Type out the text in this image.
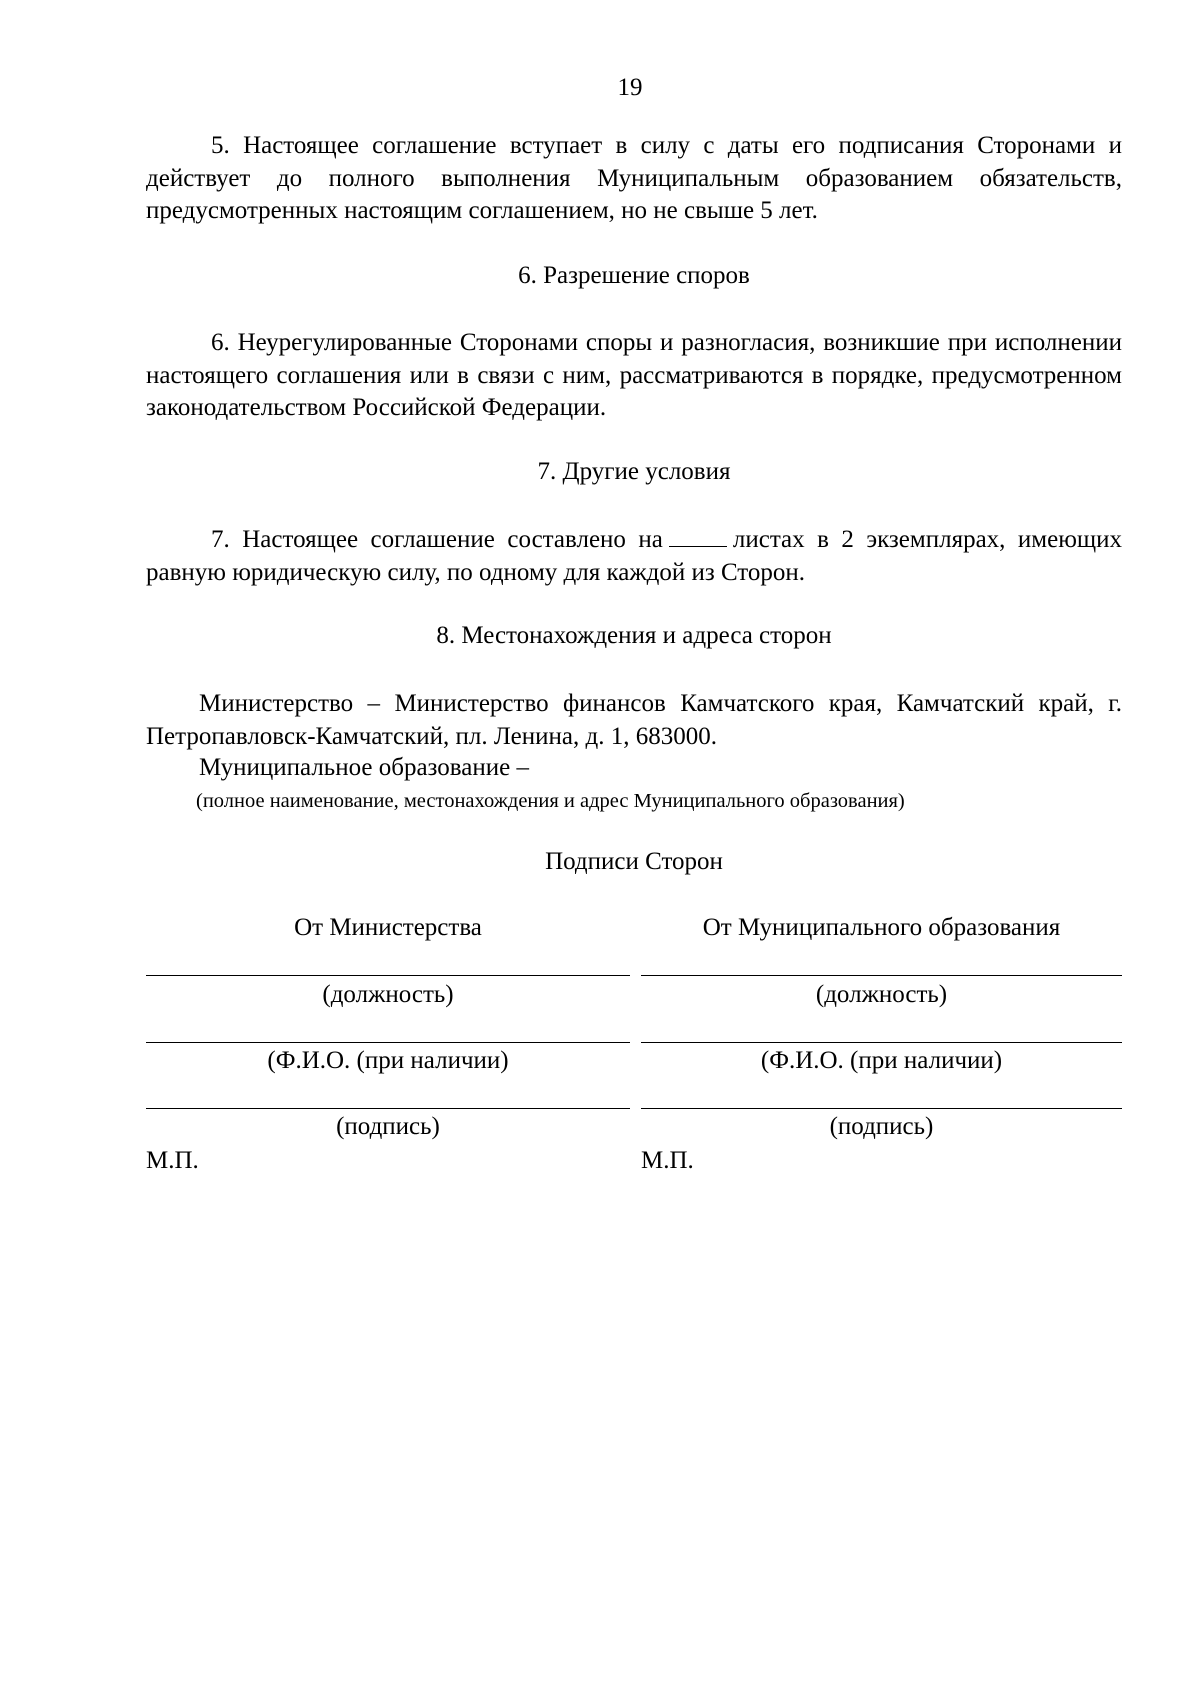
19
5. Настоящее соглашение вступает в силу с даты его подписания Сторонами и действует до полного выполнения Муниципальным образованием обязательств, предусмотренных настоящим соглашением, но не свыше 5 лет.
6. Разрешение споров
6. Неурегулированные Сторонами споры и разногласия, возникшие при исполнении настоящего соглашения или в связи с ним, рассматриваются в порядке, предусмотренном законодательством Российской Федерации.
7. Другие условия
7. Настоящее соглашение составлено на	листах в 2 экземплярах, имеющих равную юридическую силу, по одному для каждой из Сторон.
8. Местонахождения и адреса сторон
Министерство – Министерство финансов Камчатского края, Камчатский край, г. Петропавловск-Камчатский, пл. Ленина, д. 1, 683000.
Муниципальное образование –
(полное наименование, местонахождения и адрес Муниципального образования)
Подписи Сторон
От Министерства
(должность)
(Ф.И.О. (при наличии)
(подпись)
М.П.
От Муниципального образования
(должность)
(Ф.И.О. (при наличии)
(подпись)
М.П.
